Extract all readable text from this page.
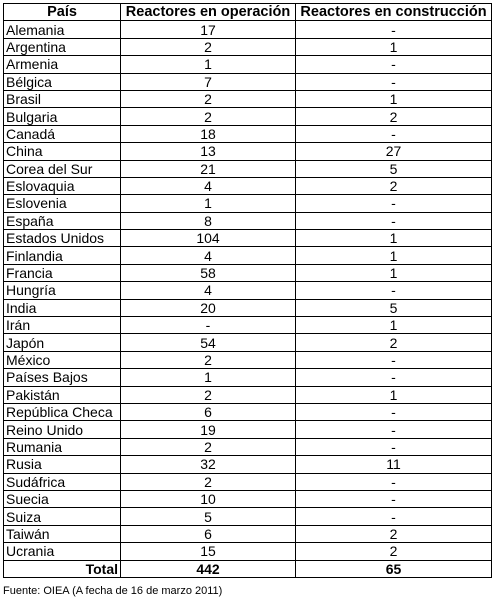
País	Reactores en operación	Reactores en construcción
Alemania	17	-
Argentina	2	1
Armenia	1	-
Bélgica	7	-
Brasil	2	1
Bulgaria	2	2
Canadá	18	-
China	13	27
Corea del Sur	21	5
Eslovaquia	4	2
Eslovenia	1	-
España	8	-
Estados Unidos	104	1
Finlandia	4	1
Francia	58	1
Hungría	4	-
India	20	5
Irán	-	1
Japón	54	2
México	2	-
Países Bajos	1	-
Pakistán	2	1
República Checa	6	-
Reino Unido	19	-
Rumania	2	-
Rusia	32	11
Sudáfrica	2	-
Suecia	10	-
Suiza	5	-
Taiwán	6	2
Ucrania	15	2
Total	442	65
Fuente: OIEA (A fecha de 16 de marzo 2011)
